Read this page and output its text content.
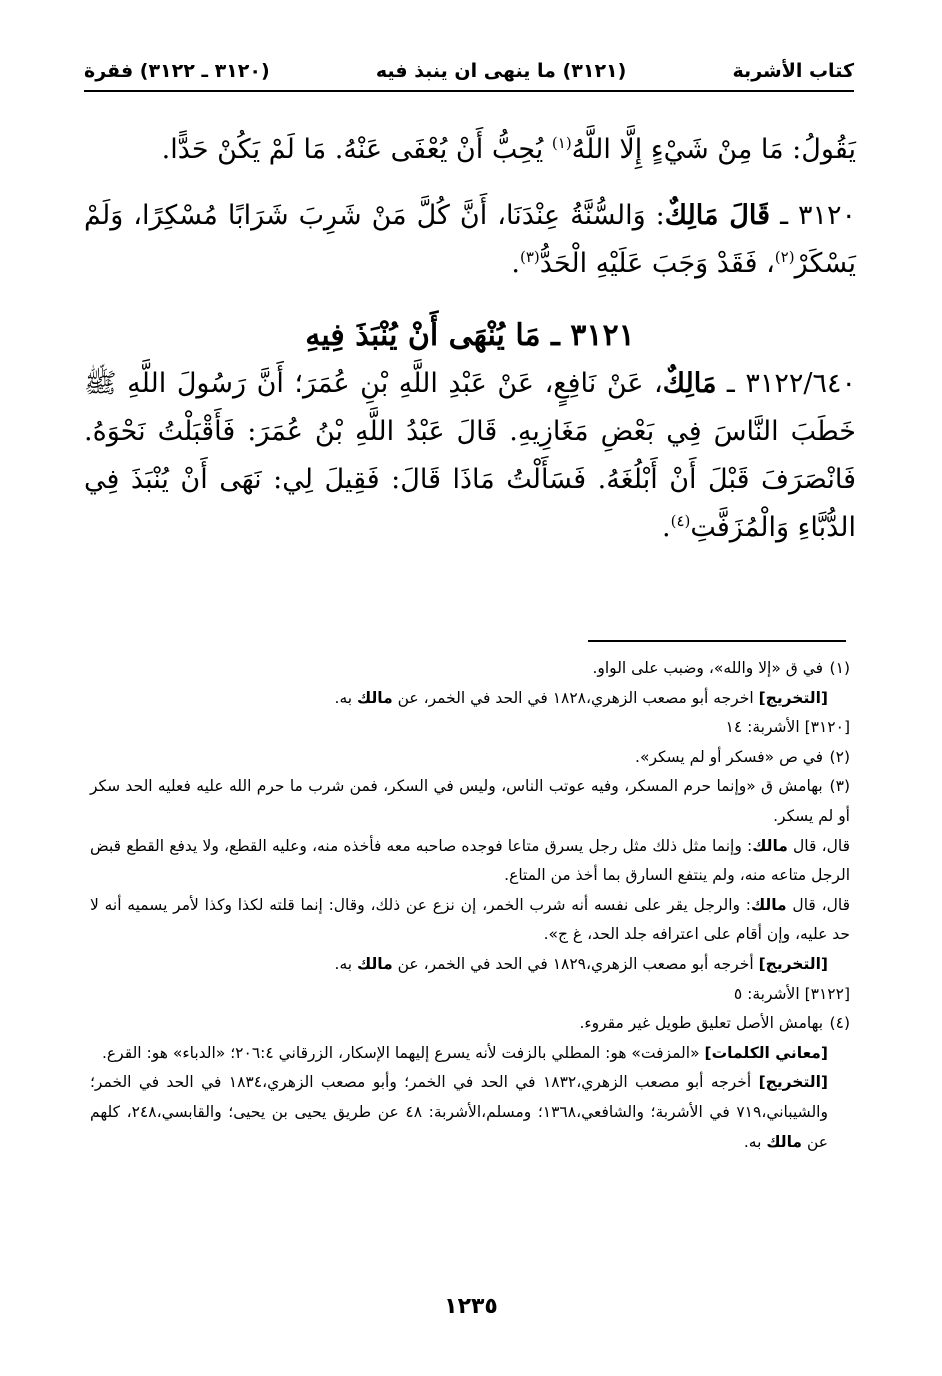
كتاب الأشربة
(٣١٢١) ما ينهى ان ينبذ فيه
(٣١٢٠ ـ ٣١٢٢) فقرة

يَقُولُ: مَا مِنْ شَيْءٍ إِلَّا اللَّهُ$^{(١)}$ يُحِبُّ أَنْ يُعْفَى عَنْهُ. مَا لَمْ يَكُنْ حَدًّا.

٣١٢٠ ـ قَالَ مَالِكٌ: وَالسُّنَّةُ عِنْدَنَا، أَنَّ كُلَّ مَنْ شَرِبَ شَرَابًا مُسْكِرًا، وَلَمْ يَسْكَرْ$^{(٢)}$، فَقَدْ وَجَبَ عَلَيْهِ الْحَدُّ$^{(٣)}$.

٣١٢١ ـ مَا يُنْهَى أَنْ يُنْبَذَ فِيهِ

٣١٢٢/٦٤٠ ـ مَالِكٌ، عَنْ نَافِعٍ، عَنْ عَبْدِ اللَّهِ بْنِ عُمَرَ؛ أَنَّ رَسُولَ اللَّهِ ﷺ خَطَبَ النَّاسَ فِي بَعْضِ مَغَازِيهِ. قَالَ عَبْدُ اللَّهِ بْنُ عُمَرَ: فَأَقْبَلْتُ نَحْوَهُ. فَانْصَرَفَ قَبْلَ أَنْ أَبْلُغَهُ. فَسَأَلْتُ مَاذَا قَالَ: فَقِيلَ لِي: نَهَى أَنْ يُنْبَذَ فِي الدُّبَّاءِ وَالْمُزَفَّتِ$^{(٤)}$.

(١) في ق «إلا والله»، وضبب على الواو.

[التخريج] اخرجه أبو مصعب الزهري،١٨٢٨ في الحد في الخمر، عن مالك به.

[٣١٢٠] الأشربة: ١٤

(٢) في ص «فسكر أو لم يسكر».

(٣) بهامش ق «وإنما حرم المسكر، وفيه عوتب الناس، وليس في السكر، فمن شرب ما حرم الله عليه فعليه الحد سكر أو لم يسكر.

قال، قال مالك: وإنما مثل ذلك مثل رجل يسرق متاعا فوجده صاحبه معه فأخذه منه، وعليه القطع، ولا يدفع القطع قبض الرجل متاعه منه، ولم ينتفع السارق بما أخذ من المتاع.

قال، قال مالك: والرجل يقر على نفسه أنه شرب الخمر، إن نزع عن ذلك، وقال: إنما قلته لكذا وكذا لأمر يسميه أنه لا حد عليه، وإن أقام على اعترافه جلد الحد، غ ج».

[التخريج] أخرجه أبو مصعب الزهري،١٨٢٩ في الحد في الخمر، عن مالك به.

[٣١٢٢] الأشربة: ٥

(٤) بهامش الأصل تعليق طويل غير مقروء.

[معاني الكلمات] «المزفت» هو: المطلي بالزفت لأنه يسرع إليهما الإسكار، الزرقاني ٢٠٦:٤؛ «الدباء» هو: القرع.

[التخريج] أخرجه أبو مصعب الزهري،١٨٣٢ في الحد في الخمر؛ وأبو مصعب الزهري،١٨٣٤ في الحد في الخمر؛ والشيباني،٧١٩ في الأشربة؛ والشافعي،١٣٦٨؛ ومسلم،الأشربة: ٤٨ عن طريق يحيى بن يحيى؛ والقابسي،٢٤٨، كلهم عن مالك به.

١٢٣٥
